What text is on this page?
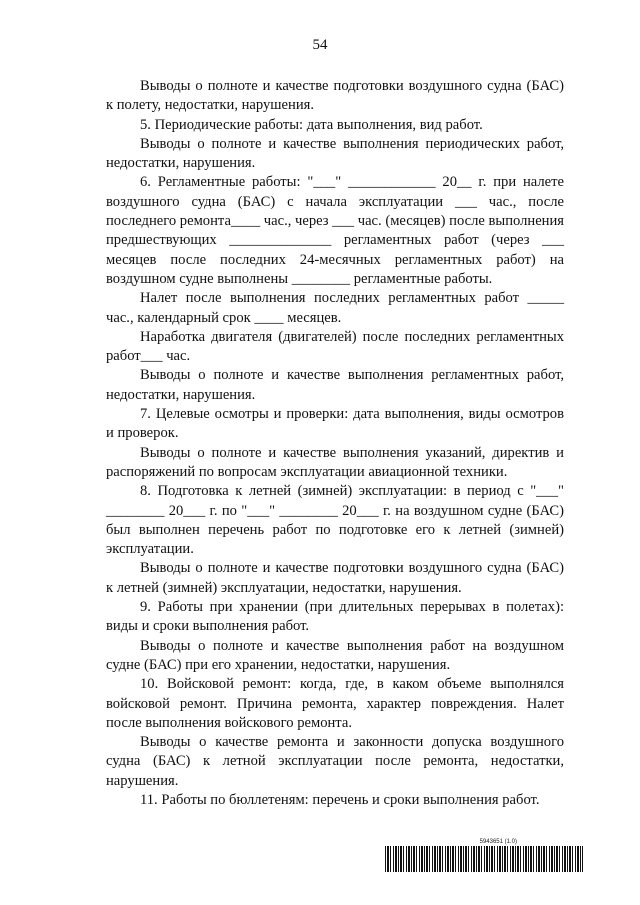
54

Выводы о полноте и качестве подготовки воздушного судна (БАС) к полету, недостатки, нарушения.

5. Периодические работы: дата выполнения, вид работ.

Выводы о полноте и качестве выполнения периодических работ, недостатки, нарушения.

6. Регламентные работы: "___" ____________ 20__ г. при налете воздушного судна (БАС) с начала эксплуатации ___ час., после последнего ремонта____ час., через ___ час. (месяцев) после выполнения предшествующих ______________ регламентных работ (через ___ месяцев после последних 24-месячных регламентных работ) на воздушном судне выполнены ________ регламентные работы.

Налет после выполнения последних регламентных работ _____ час., календарный срок ____ месяцев.

Наработка двигателя (двигателей) после последних регламентных работ___ час.

Выводы о полноте и качестве выполнения регламентных работ, недостатки, нарушения.

7. Целевые осмотры и проверки: дата выполнения, виды осмотров и проверок.

Выводы о полноте и качестве выполнения указаний, директив и распоряжений по вопросам эксплуатации авиационной техники.

8. Подготовка к летней (зимней) эксплуатации: в период с "___" ________ 20___ г. по "___" ________ 20___ г. на воздушном судне (БАС) был выполнен перечень работ по подготовке его к летней (зимней) эксплуатации.

Выводы о полноте и качестве подготовки воздушного судна (БАС) к летней (зимней) эксплуатации, недостатки, нарушения.

9. Работы при хранении (при длительных перерывах в полетах): виды и сроки выполнения работ.

Выводы о полноте и качестве выполнения работ на воздушном судне (БАС) при его хранении, недостатки, нарушения.

10. Войсковой ремонт: когда, где, в каком объеме выполнялся войсковой ремонт. Причина ремонта, характер повреждения. Налет после выполнения войскового ремонта.

Выводы о качестве ремонта и законности допуска воздушного судна (БАС) к летной эксплуатации после ремонта, недостатки, нарушения.

11. Работы по бюллетеням: перечень и сроки выполнения работ.

5943651 (1.0)
